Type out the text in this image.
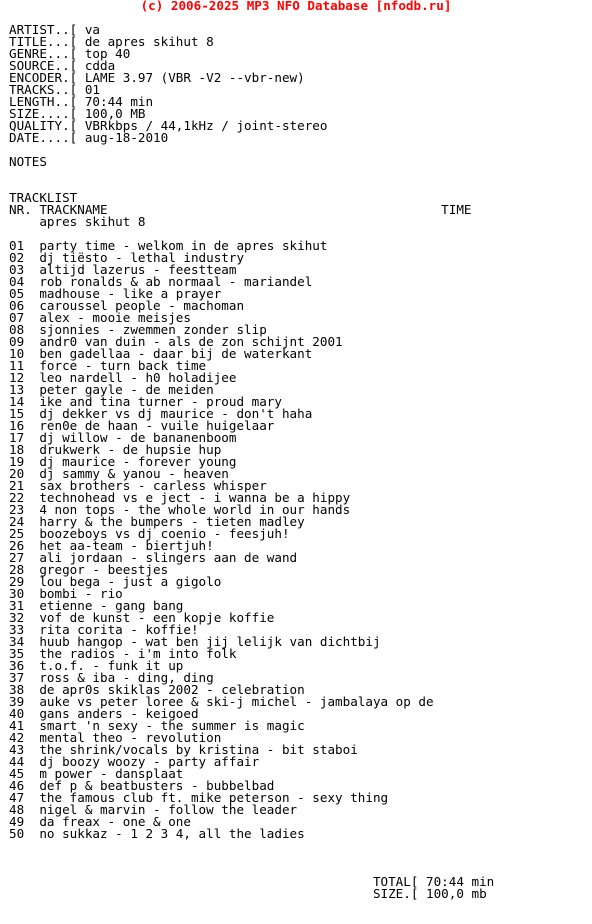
(c) 2006-2025 MP3 NFO Database [nfodb.ru]
ARTIST..[ va
TITLE...[ de apres skihut 8
GENRE...[ top 40
SOURCE..[ cdda
ENCODER.[ LAME 3.97 (VBR -V2 --vbr-new)
TRACKS..[ 01
LENGTH..[ 70:44 min
SIZE....[ 100,0 MB
QUALITY.[ VBRkbps / 44,1kHz / joint-stereo
DATE....[ aug-18-2010
NOTES
TRACKLIST
NR. TRACKNAME                                            TIME
apres skihut 8
01  party time - welkom in de apres skihut
02  dj tiësto - lethal industry
03  altijd lazerus - feestteam
04  rob ronalds & ab normaal - mariandel
05  madhouse - like a prayer
06  caroussel people - machoman
07  alex - mooie meisjes
08  sjonnies - zwemmen zonder slip
09  andr0 van duin - als de zon schijnt 2001
10  ben gadellaa - daar bij de waterkant
11  force - turn back time
12  leo nardell - h0 holadijee
13  peter gayle - de meiden
14  ike and tina turner - proud mary
15  dj dekker vs dj maurice - don't haha
16  ren0e de haan - vuile huigelaar
17  dj willow - de bananenboom
18  drukwerk - de hupsie hup
19  dj maurice - forever young
20  dj sammy & yanou - heaven
21  sax brothers - carless whisper
22  technohead vs e ject - i wanna be a hippy
23  4 non tops - the whole world in our hands
24  harry & the bumpers - tieten madley
25  boozeboys vs dj coenio - feesjuh!
26  het aa-team - biertjuh!
27  ali jordaan - slingers aan de wand
28  gregor - beestjes
29  lou bega - just a gigolo
30  bombi - rio
31  etienne - gang bang
32  vof de kunst - een kopje koffie
33  rita corita - koffie!
34  huub hangop - wat ben jij lelijk van dichtbij
35  the radios - i'm into folk
36  t.o.f. - funk it up
37  ross & iba - ding, ding
38  de apr0s skiklas 2002 - celebration
39  auke vs peter loree & ski-j michel - jambalaya op de
40  gans anders - keigoed
41  smart 'n sexy - the summer is magic
42  mental theo - revolution
43  the shrink/vocals by kristina - bit staboi
44  dj boozy woozy - party affair
45  m power - dansplaat
46  def p & beatbusters - bubbelbad
47  the famous club ft. mike peterson - sexy thing
48  nigel & marvin - follow the leader
49  da freax - one & one
50  no sukkaz - 1 2 3 4, all the ladies
TOTAL[ 70:44 min
SIZE.[ 100,0 mb
